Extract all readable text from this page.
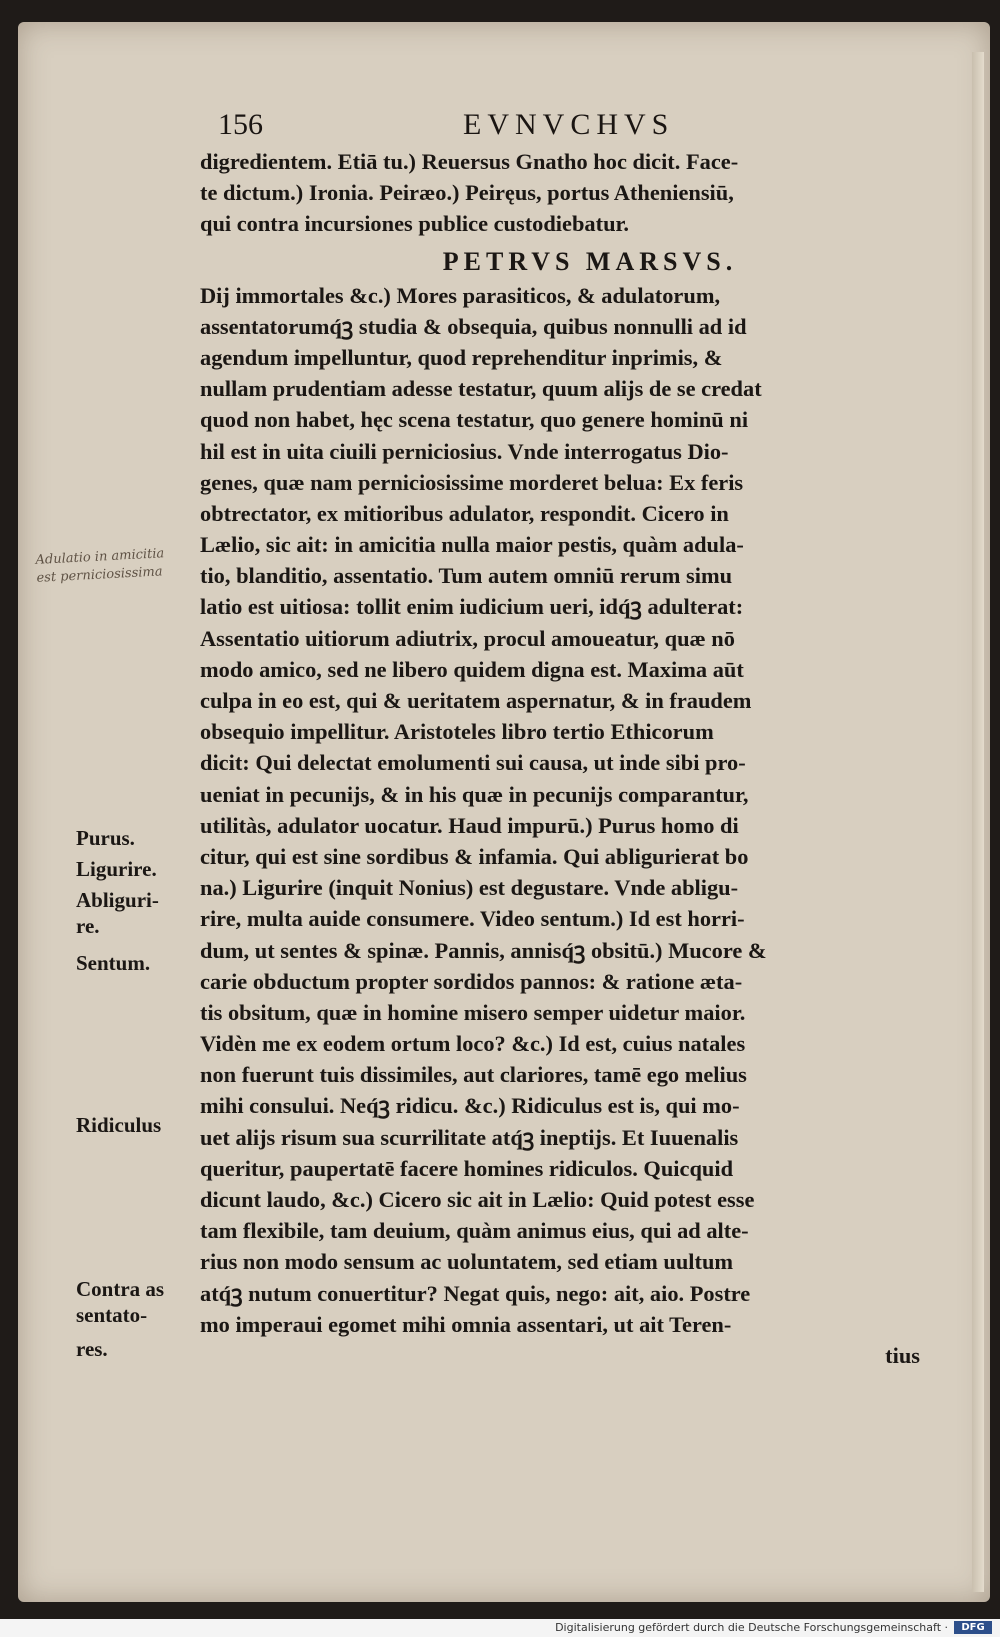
156	EVNVCHVS
digredientem. Etiā tu.) Reuersus Gnatho hoc dicit. Face-
te dictum.) Ironia. Peiræo.) Peiręus, portus Atheniensiū,
qui contra incursiones publice custodiebatur.
PETRVS MARSVS.
Dij immortales &c.) Mores parasiticos, & adulatorum,
assentatorumq́ꝫ studia & obsequia, quibus nonnulli ad id
agendum impelluntur, quod reprehenditur inprimis, &
nullam prudentiam adesse testatur, quum alijs de se credat
quod non habet, hęc scena testatur, quo genere hominū ni
hil est in uita ciuili perniciosius. Vnde interrogatus Dio-
genes, quæ nam perniciosissime morderet belua: Ex feris
obtrectator, ex mitioribus adulator, respondit. Cicero in
Lælio, sic ait: in amicitia nulla maior pestis, quàm adula-
tio, blanditio, assentatio. Tum autem omniū rerum simu
latio est uitiosa: tollit enim iudicium ueri, idq́ꝫ adulterat:
Assentatio uitiorum adiutrix, procul amoueatur, quæ nō
modo amico, sed ne libero quidem digna est. Maxima aūt
culpa in eo est, qui & ueritatem aspernatur, & in fraudem
obsequio impellitur. Aristoteles libro tertio Ethicorum
dicit: Qui delectat emolumenti sui causa, ut inde sibi pro-
ueniat in pecunijs, & in his quæ in pecunijs comparantur,
utilitàs, adulator uocatur. Haud impurū.) Purus homo di
citur, qui est sine sordibus & infamia. Qui abligurierat bo
na.) Ligurire (inquit Nonius) est degustare. Vnde abligu-
rire, multa auide consumere. Video sentum.) Id est horri-
dum, ut sentes & spinæ. Pannis, annisq́ꝫ obsitū.) Mucore &
carie obductum propter sordidos pannos: & ratione æta-
tis obsitum, quæ in homine misero semper uidetur maior.
Vidèn me ex eodem ortum loco? &c.) Id est, cuius natales
non fuerunt tuis dissimiles, aut clariores, tamē ego melius
mihi consului. Neq́ꝫ ridicu. &c.) Ridiculus est is, qui mo-
uet alijs risum sua scurrilitate atq́ꝫ ineptijs. Et Iuuenalis
queritur, paupertatē facere homines ridiculos. Quicquid
dicunt laudo, &c.) Cicero sic ait in Lælio: Quid potest esse
tam flexibile, tam deuium, quàm animus eius, qui ad alte-
rius non modo sensum ac uoluntatem, sed etiam uultum
atq́ꝫ nutum conuertitur? Negat quis, nego: ait, aio. Postre
mo imperaui egomet mihi omnia assentari, ut ait Teren-
tius
Purus.
Ligurire.
Abliguri-
re.
Sentum.
Ridiculus
Contra as
sentato-
res.
Adulatio in amicitia est perniciosissima
Digitalisierung gefördert durch die Deutsche Forschungsgemeinschaft ·	DFG
